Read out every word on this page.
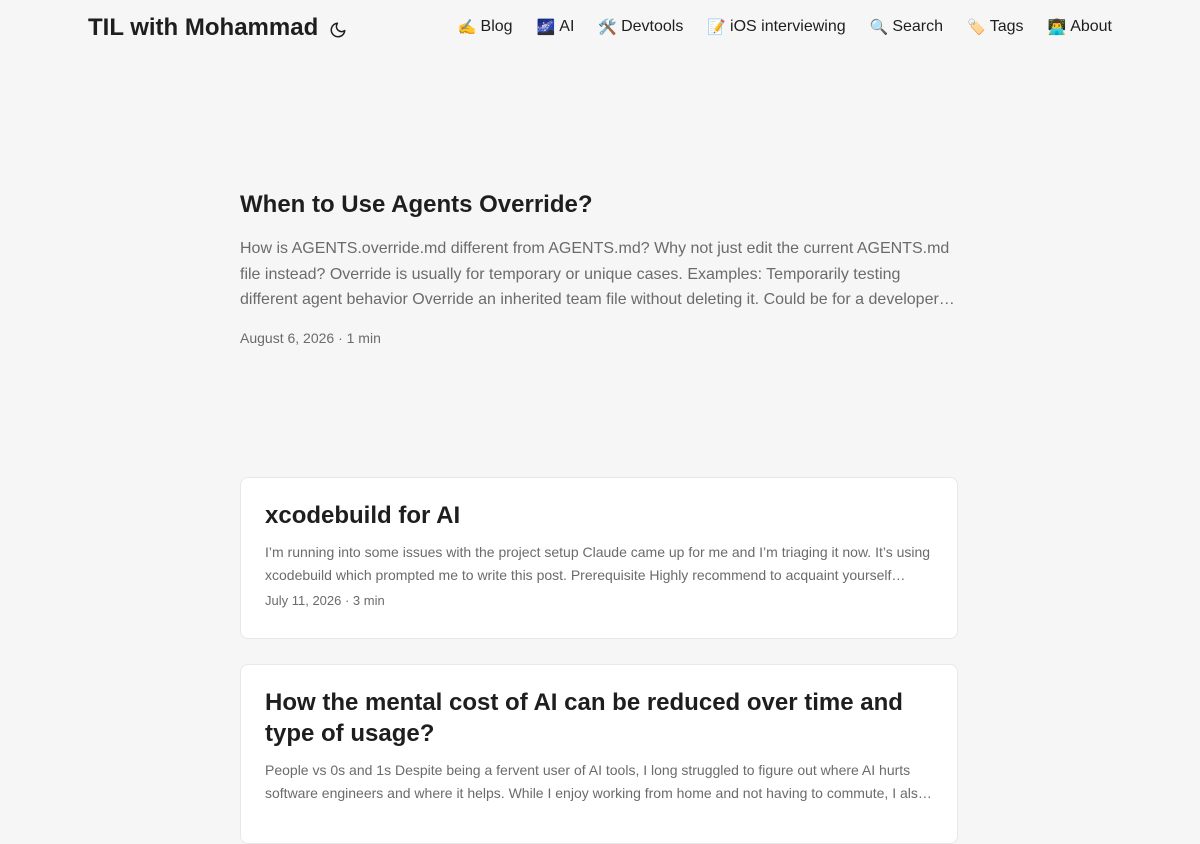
TIL with Mohammad	✍️ Blog 🌌 AI 🛠️ Devtools 📝 iOS interviewing 🔍 Search 🏷️ Tags 👨‍💻 About
When to Use Agents Override?
How is AGENTS.override.md different from AGENTS.md? Why not just edit the current AGENTS.md file instead? Override is usually for temporary or unique cases. Examples: Temporarily testing different agent behavior Override an inherited team file without deleting it. Could be for a developer…
August 6, 2026 · 1 min
xcodebuild for AI
I’m running into some issues with the project setup Claude came up for me and I’m triaging it now. It’s using xcodebuild which prompted me to write this post. Prerequisite Highly recommend to acquaint yourself
July 11, 2026 · 3 min
How the mental cost of AI can be reduced over time and type of usage?
People vs 0s and 1s Despite being a fervent user of AI tools, I long struggled to figure out where AI hurts software engineers and where it helps. While I enjoy working from home and not having to commute, I als…
